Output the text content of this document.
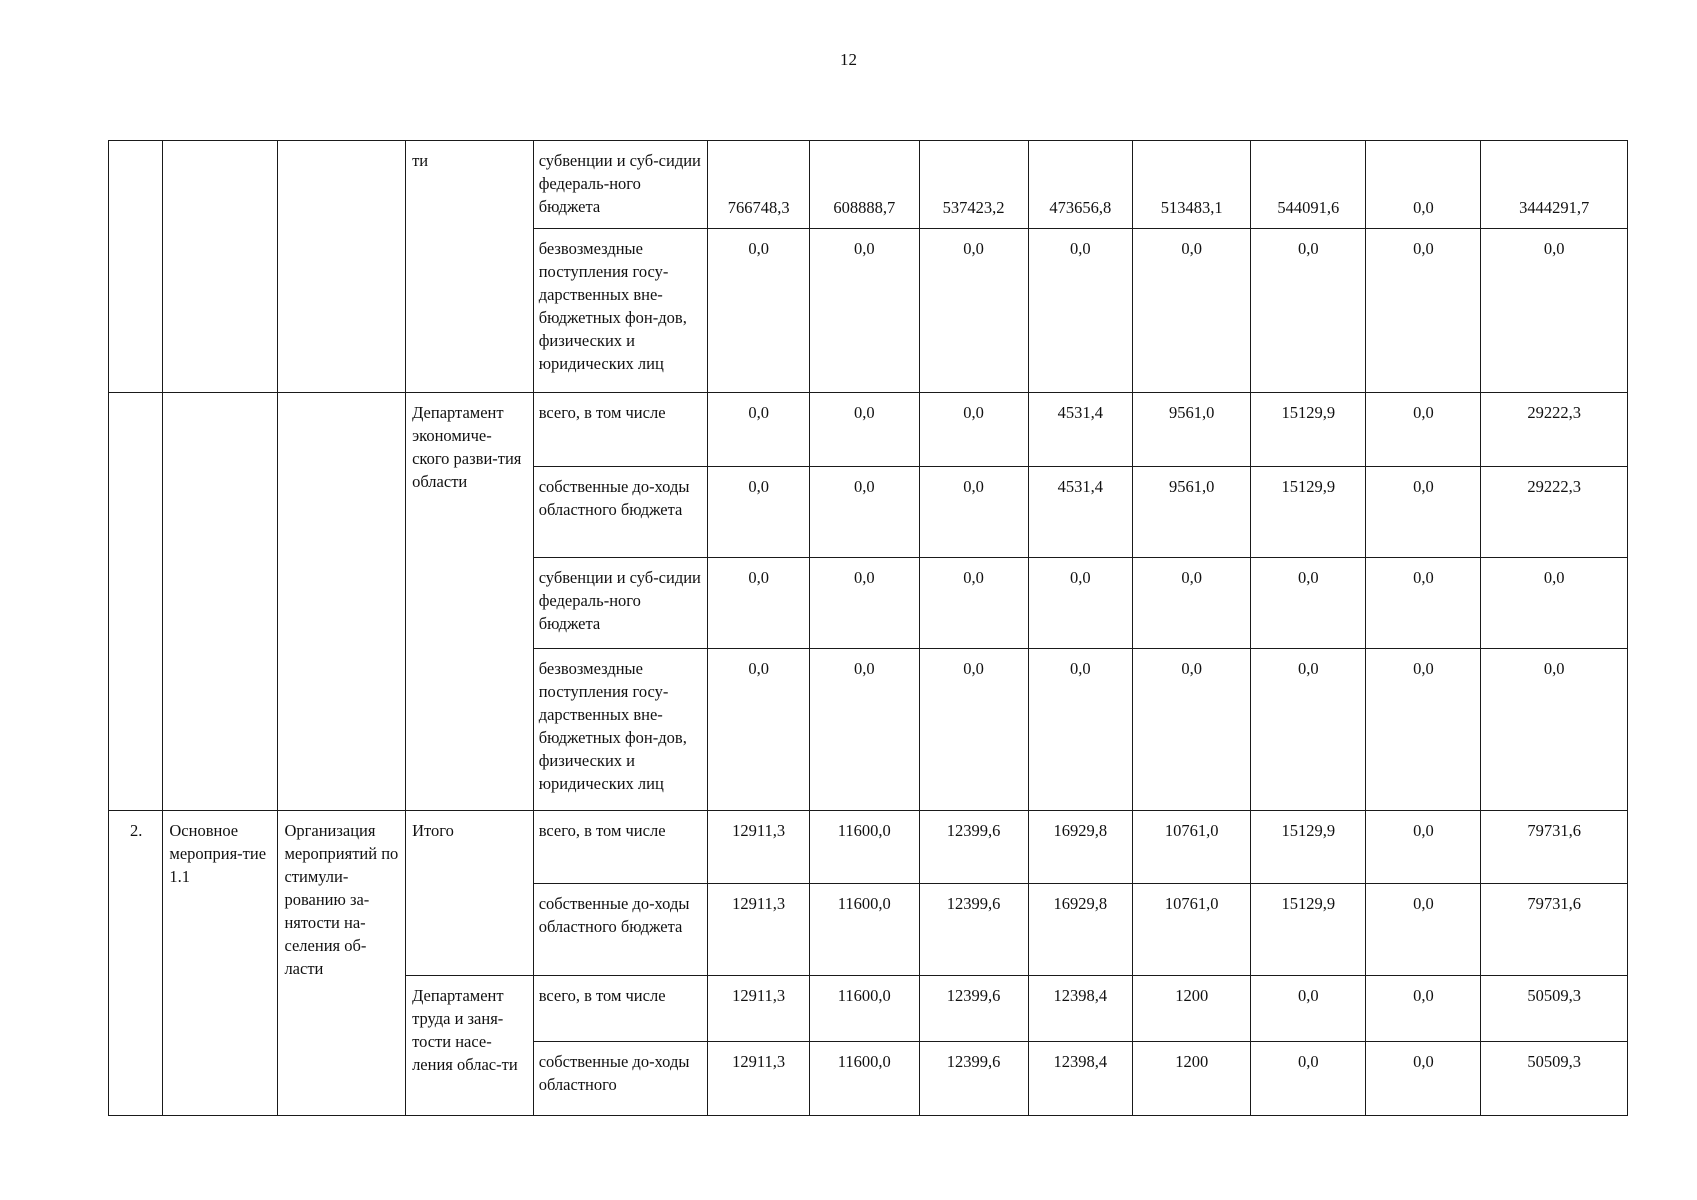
12
			ти	субвенции и суб-сидии федераль-ного бюджета	766748,3	608888,7	537423,2	473656,8	513483,1	544091,6	0,0	3444291,7
				безвозмездные поступления госу-дарственных вне-бюджетных фон-дов, физических и юридических лиц	0,0	0,0	0,0	0,0	0,0	0,0	0,0	0,0
			Департамент экономиче-ского разви-тия области	всего, в том числе	0,0	0,0	0,0	4531,4	9561,0	15129,9	0,0	29222,3
				собственные до-ходы областного бюджета	0,0	0,0	0,0	4531,4	9561,0	15129,9	0,0	29222,3
				субвенции и суб-сидии федераль-ного бюджета	0,0	0,0	0,0	0,0	0,0	0,0	0,0	0,0
				безвозмездные поступления госу-дарственных вне-бюджетных фон-дов, физических и юридических лиц	0,0	0,0	0,0	0,0	0,0	0,0	0,0	0,0
2.	Основное мероприя-тие 1.1	Организация мероприятий по стимули-рованию за-нятости на-селения об-ласти	Итого	всего, в том числе	12911,3	11600,0	12399,6	16929,8	10761,0	15129,9	0,0	79731,6
				собственные до-ходы областного бюджета	12911,3	11600,0	12399,6	16929,8	10761,0	15129,9	0,0	79731,6
			Департамент труда и заня-тости насе-ления облас-ти	всего, в том числе	12911,3	11600,0	12399,6	12398,4	1200	0,0	0,0	50509,3
				собственные до-ходы областного	12911,3	11600,0	12399,6	12398,4	1200	0,0	0,0	50509,3
